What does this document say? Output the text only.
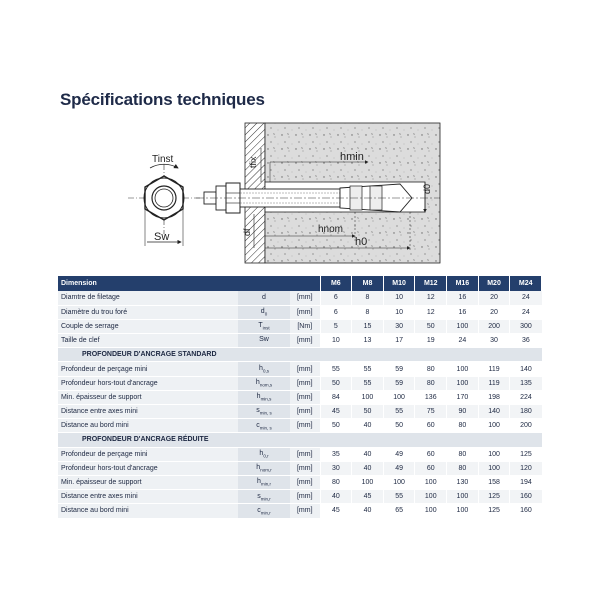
Spécifications techniques
Tinst
Sw
tfix	hmin
d0
df	hnom
h0
Dimension			M6	M8	M10	M12	M16	M20	M24
Diamtre de filetage	d	[mm]	6	8	10	12	16	20	24
Diamètre du trou foré	$d_0$	[mm]	6	8	10	12	16	20	24
Couple de serrage	$T_{inst}$	[Nm]	5	15	30	50	100	200	300
Taille de clef	Sw	[mm]	10	13	17	19	24	30	36
PROFONDEUR D'ANCRAGE STANDARD									
Profondeur de perçage mini	$h_{0,s}$	[mm]	55	55	59	80	100	119	140
Profondeur hors-tout d'ancrage	$h_{nom,s}$	[mm]	50	55	59	80	100	119	135
Min. épaisseur de support	$h_{min,s}$	[mm]	84	100	100	136	170	198	224
Distance entre axes mini	$s_{min, s}$	[mm]	45	50	55	75	90	140	180
Distance au bord mini	$c_{min, s}$	[mm]	50	40	50	60	80	100	200
PROFONDEUR D'ANCRAGE RÉDUITE									
Profondeur de perçage mini	$h_{0,r}$	[mm]	35	40	49	60	80	100	125
Profondeur hors-tout d'ancrage	$h_{nom,r}$	[mm]	30	40	49	60	80	100	120
Min. épaisseur de support	$h_{min,r}$	[mm]	80	100	100	100	130	158	194
Distance entre axes mini	$s_{min,r}$	[mm]	40	45	55	100	100	125	160
Distance au bord mini	$c_{min,r}$	[mm]	45	40	65	100	100	125	160
